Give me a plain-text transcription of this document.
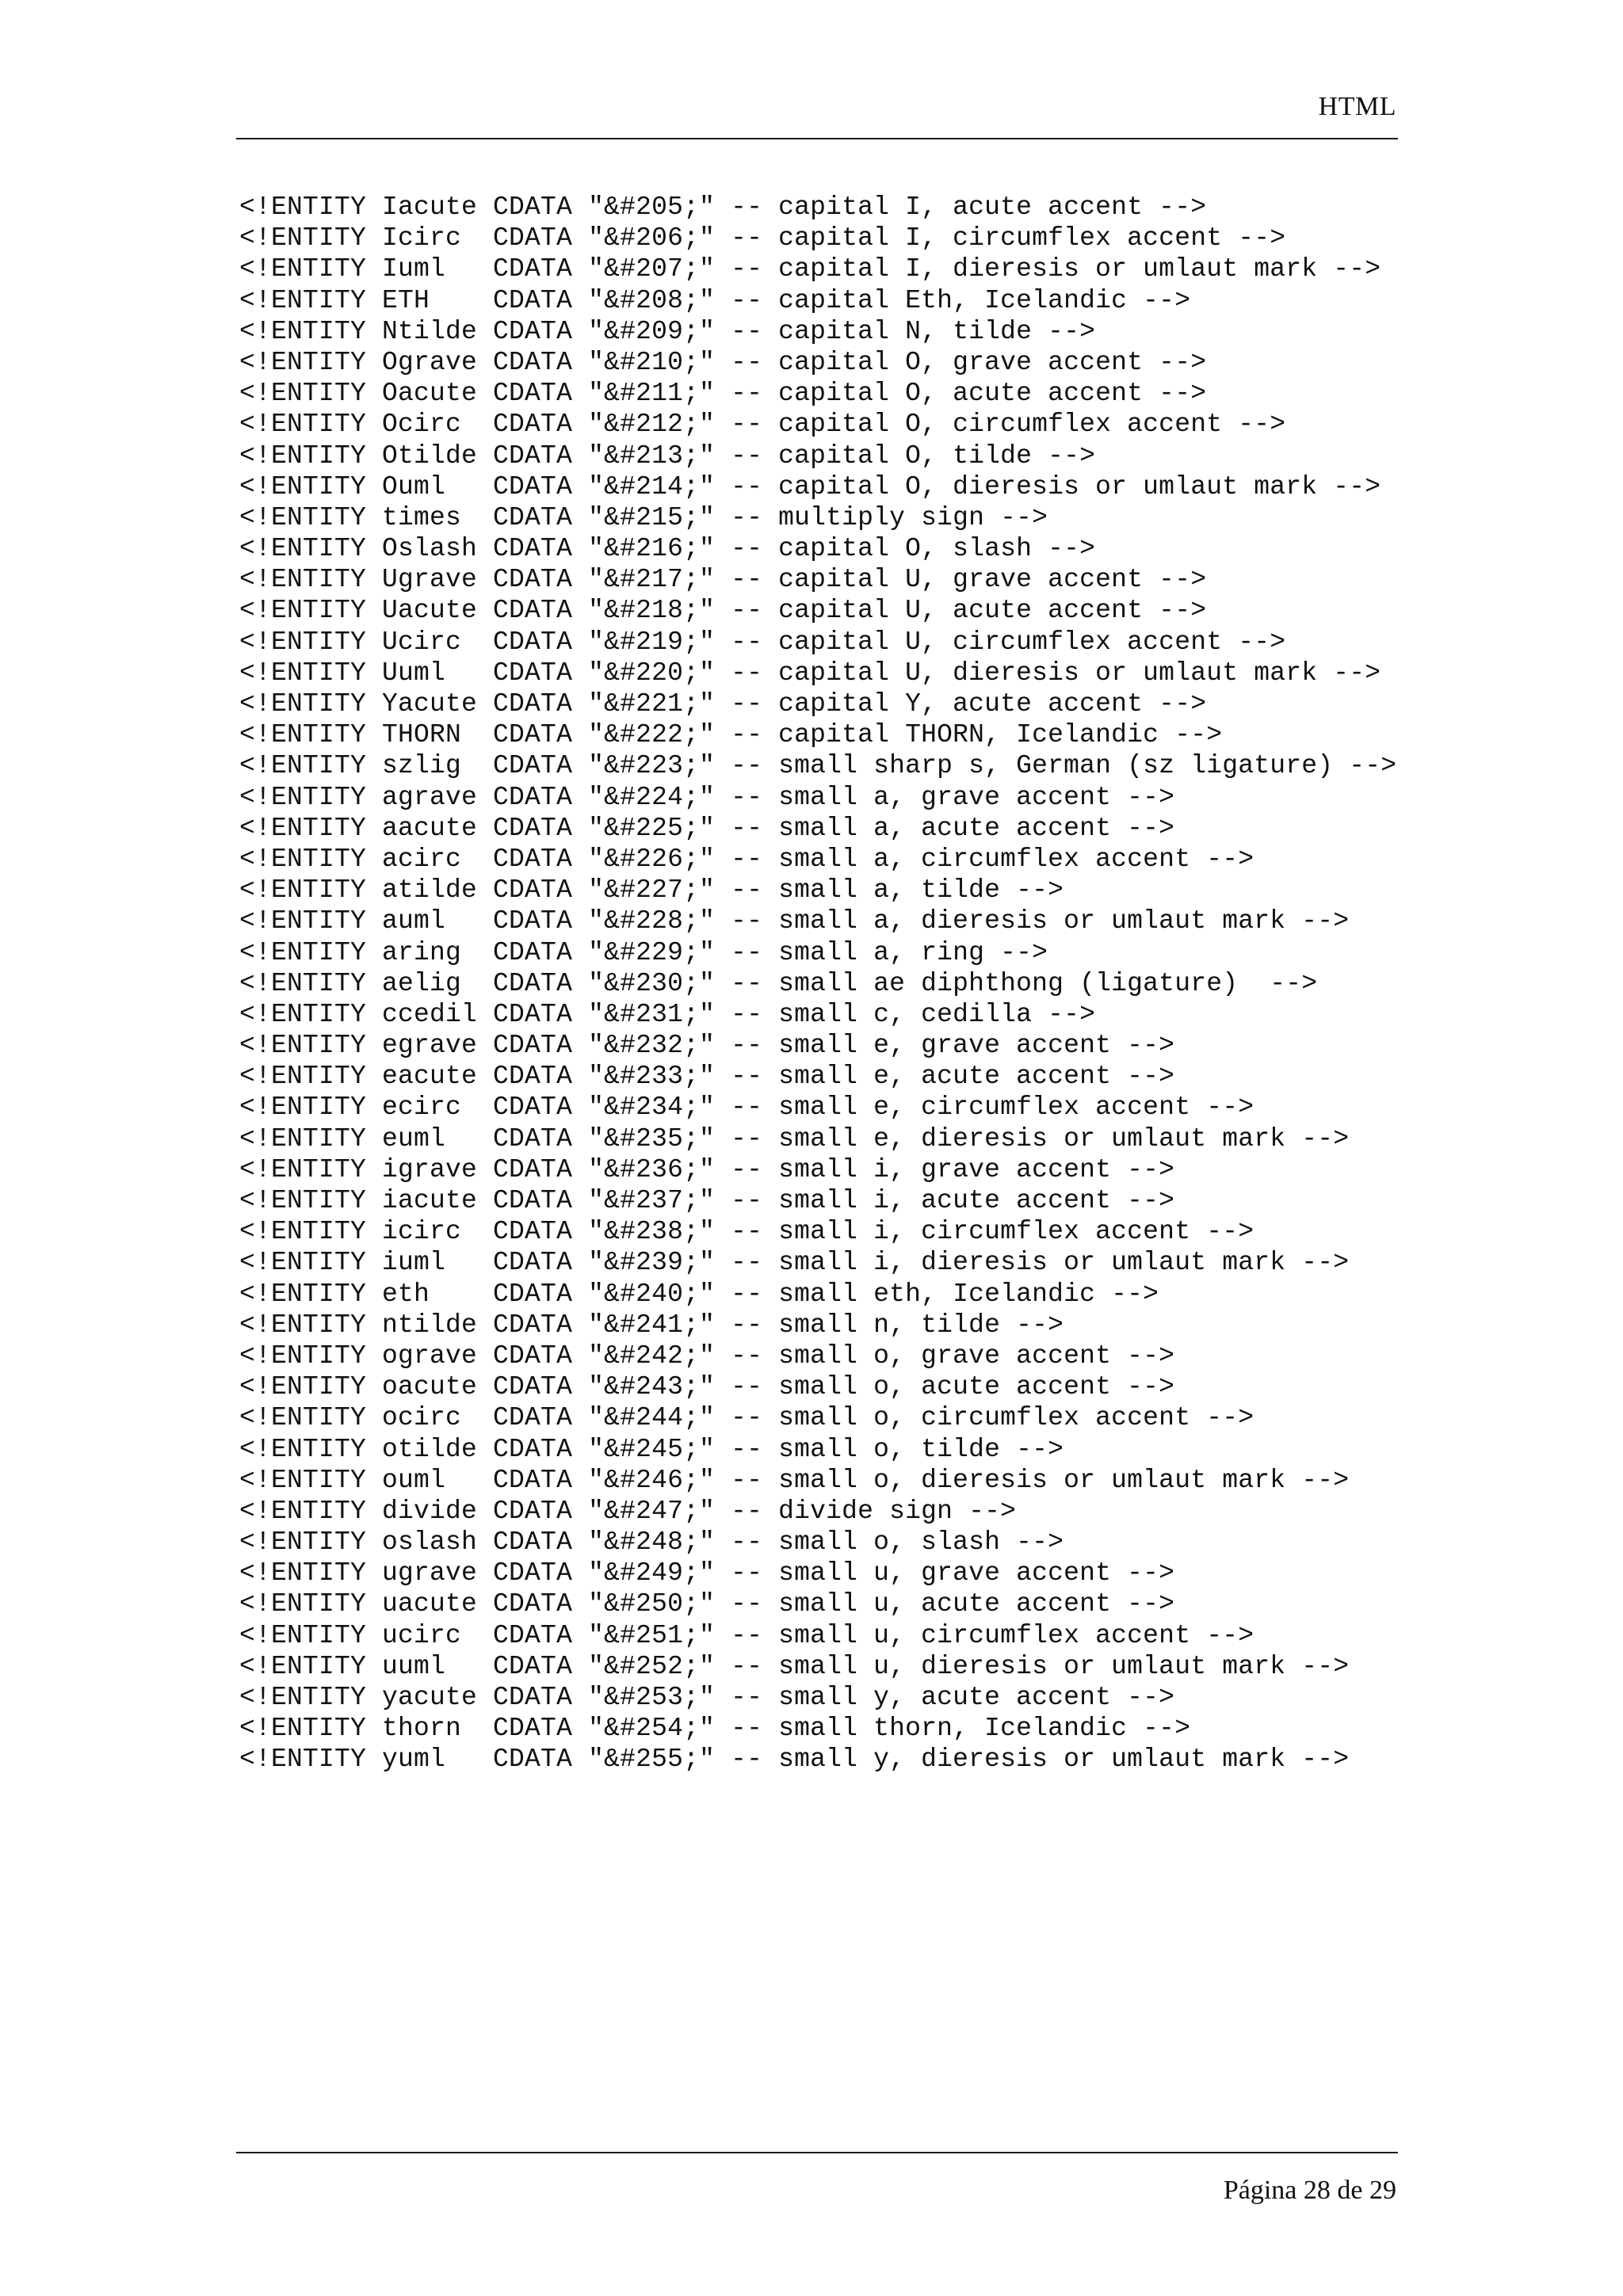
HTML
<!ENTITY Iacute CDATA "&#205;" -- capital I, acute accent -->
<!ENTITY Icirc  CDATA "&#206;" -- capital I, circumflex accent -->
<!ENTITY Iuml   CDATA "&#207;" -- capital I, dieresis or umlaut mark -->
<!ENTITY ETH    CDATA "&#208;" -- capital Eth, Icelandic -->
<!ENTITY Ntilde CDATA "&#209;" -- capital N, tilde -->
<!ENTITY Ograve CDATA "&#210;" -- capital O, grave accent -->
<!ENTITY Oacute CDATA "&#211;" -- capital O, acute accent -->
<!ENTITY Ocirc  CDATA "&#212;" -- capital O, circumflex accent -->
<!ENTITY Otilde CDATA "&#213;" -- capital O, tilde -->
<!ENTITY Ouml   CDATA "&#214;" -- capital O, dieresis or umlaut mark -->
<!ENTITY times  CDATA "&#215;" -- multiply sign -->
<!ENTITY Oslash CDATA "&#216;" -- capital O, slash -->
<!ENTITY Ugrave CDATA "&#217;" -- capital U, grave accent -->
<!ENTITY Uacute CDATA "&#218;" -- capital U, acute accent -->
<!ENTITY Ucirc  CDATA "&#219;" -- capital U, circumflex accent -->
<!ENTITY Uuml   CDATA "&#220;" -- capital U, dieresis or umlaut mark -->
<!ENTITY Yacute CDATA "&#221;" -- capital Y, acute accent -->
<!ENTITY THORN  CDATA "&#222;" -- capital THORN, Icelandic -->
<!ENTITY szlig  CDATA "&#223;" -- small sharp s, German (sz ligature) -->
<!ENTITY agrave CDATA "&#224;" -- small a, grave accent -->
<!ENTITY aacute CDATA "&#225;" -- small a, acute accent -->
<!ENTITY acirc  CDATA "&#226;" -- small a, circumflex accent -->
<!ENTITY atilde CDATA "&#227;" -- small a, tilde -->
<!ENTITY auml   CDATA "&#228;" -- small a, dieresis or umlaut mark -->
<!ENTITY aring  CDATA "&#229;" -- small a, ring -->
<!ENTITY aelig  CDATA "&#230;" -- small ae diphthong (ligature)  -->
<!ENTITY ccedil CDATA "&#231;" -- small c, cedilla -->
<!ENTITY egrave CDATA "&#232;" -- small e, grave accent -->
<!ENTITY eacute CDATA "&#233;" -- small e, acute accent -->
<!ENTITY ecirc  CDATA "&#234;" -- small e, circumflex accent -->
<!ENTITY euml   CDATA "&#235;" -- small e, dieresis or umlaut mark -->
<!ENTITY igrave CDATA "&#236;" -- small i, grave accent -->
<!ENTITY iacute CDATA "&#237;" -- small i, acute accent -->
<!ENTITY icirc  CDATA "&#238;" -- small i, circumflex accent -->
<!ENTITY iuml   CDATA "&#239;" -- small i, dieresis or umlaut mark -->
<!ENTITY eth    CDATA "&#240;" -- small eth, Icelandic -->
<!ENTITY ntilde CDATA "&#241;" -- small n, tilde -->
<!ENTITY ograve CDATA "&#242;" -- small o, grave accent -->
<!ENTITY oacute CDATA "&#243;" -- small o, acute accent -->
<!ENTITY ocirc  CDATA "&#244;" -- small o, circumflex accent -->
<!ENTITY otilde CDATA "&#245;" -- small o, tilde -->
<!ENTITY ouml   CDATA "&#246;" -- small o, dieresis or umlaut mark -->
<!ENTITY divide CDATA "&#247;" -- divide sign -->
<!ENTITY oslash CDATA "&#248;" -- small o, slash -->
<!ENTITY ugrave CDATA "&#249;" -- small u, grave accent -->
<!ENTITY uacute CDATA "&#250;" -- small u, acute accent -->
<!ENTITY ucirc  CDATA "&#251;" -- small u, circumflex accent -->
<!ENTITY uuml   CDATA "&#252;" -- small u, dieresis or umlaut mark -->
<!ENTITY yacute CDATA "&#253;" -- small y, acute accent -->
<!ENTITY thorn  CDATA "&#254;" -- small thorn, Icelandic -->
<!ENTITY yuml   CDATA "&#255;" -- small y, dieresis or umlaut mark -->
Página 28 de 29
